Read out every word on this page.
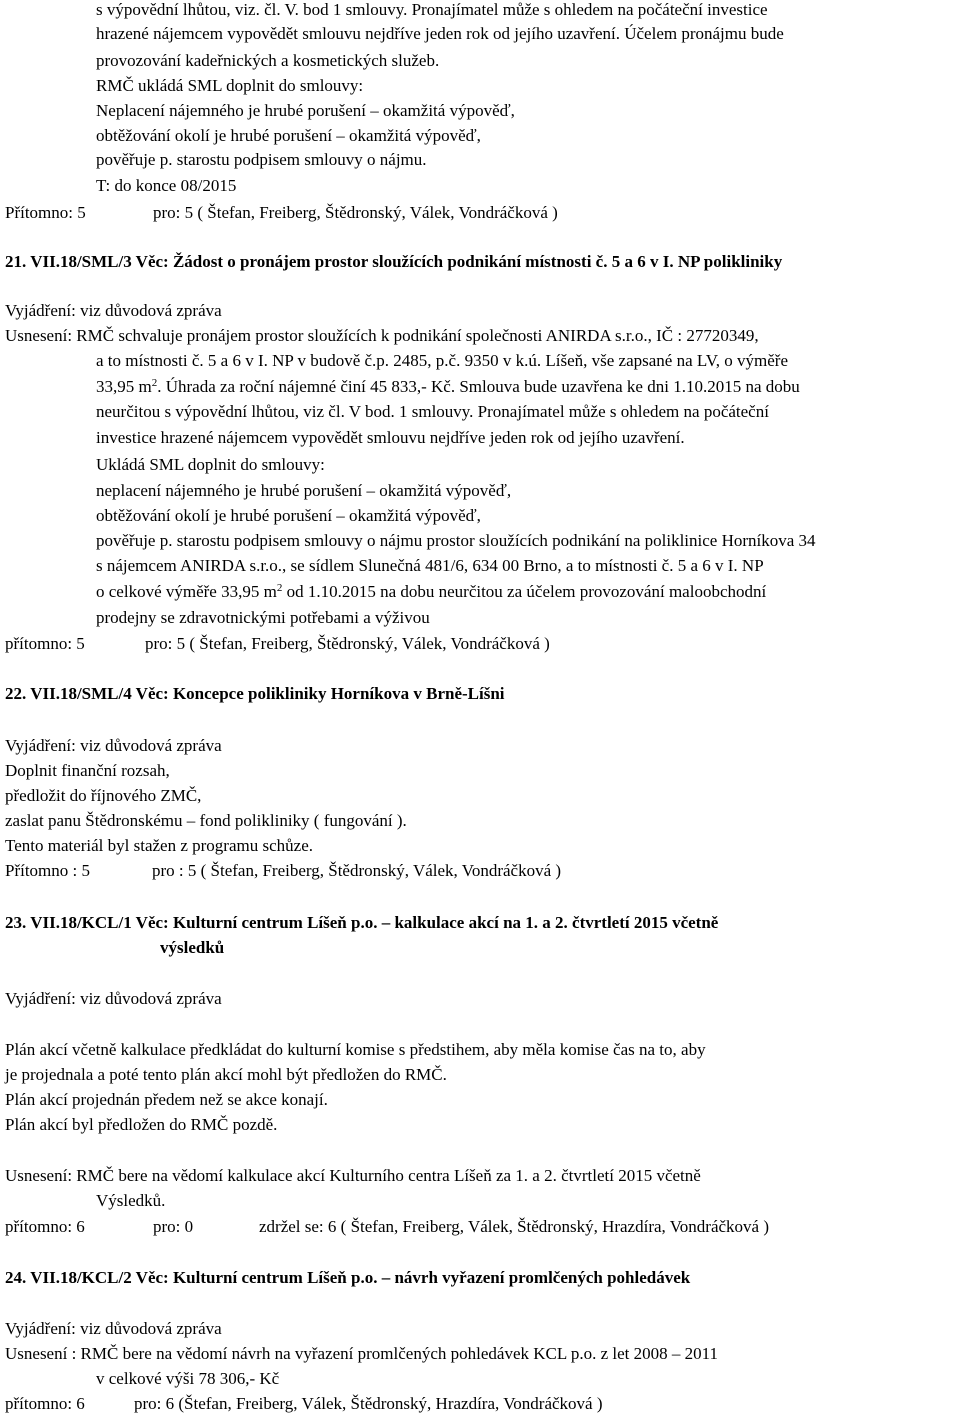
s výpovědní lhůtou, viz. čl. V. bod 1 smlouvy. Pronajímatel může s ohledem na počáteční investice
hrazené nájemcem vypovědět smlouvu nejdříve jeden rok od jejího uzavření. Účelem pronájmu bude
provozování kadeřnických a kosmetických služeb.
RMČ ukládá SML doplnit do smlouvy:
Neplacení nájemného je hrubé porušení – okamžitá výpověď,
obtěžování okolí je hrubé porušení – okamžitá výpověď,
pověřuje p. starostu podpisem smlouvy o nájmu.
T: do konce 08/2015
Přítomno: 5	pro: 5 ( Štefan, Freiberg, Štědronský, Válek, Vondráčková )
21. VII.18/SML/3 Věc: Žádost o pronájem prostor sloužících podnikání místnosti č. 5 a 6 v I. NP polikliniky
Vyjádření: viz důvodová zpráva
Usnesení: RMČ schvaluje pronájem prostor sloužících k podnikání společnosti ANIRDA s.r.o., IČ : 27720349,
a to místnosti č. 5 a 6 v I. NP v budově č.p. 2485, p.č. 9350 v k.ú. Líšeň, vše zapsané na LV, o výměře
33,95 $m^2$. Úhrada za roční nájemné činí 45 833,- Kč. Smlouva bude uzavřena ke dni 1.10.2015 na dobu
neurčitou s výpovědní lhůtou, viz čl. V bod. 1 smlouvy. Pronajímatel může s ohledem na počáteční
investice hrazené nájemcem vypovědět smlouvu nejdříve jeden rok od jejího uzavření.
Ukládá SML doplnit do smlouvy:
neplacení nájemného je hrubé porušení – okamžitá výpověď,
obtěžování okolí je hrubé porušení – okamžitá výpověď,
pověřuje p. starostu podpisem smlouvy o nájmu prostor sloužících podnikání na poliklinice Horníkova 34
s nájemcem ANIRDA s.r.o., se sídlem Slunečná 481/6, 634 00 Brno, a to místnosti č. 5 a 6 v I. NP
o celkové výměře 33,95 $m^2$ od 1.10.2015 na dobu neurčitou za účelem provozování maloobchodní
prodejny se zdravotnickými potřebami a výživou
přítomno: 5	pro: 5 ( Štefan, Freiberg, Štědronský, Válek, Vondráčková )
22. VII.18/SML/4 Věc: Koncepce polikliniky Horníkova v Brně-Líšni
Vyjádření: viz důvodová zpráva
Doplnit finanční rozsah,
předložit do říjnového ZMČ,
zaslat panu Štědronskému – fond polikliniky ( fungování ).
Tento materiál byl stažen z programu schůze.
Přítomno : 5	pro : 5 ( Štefan, Freiberg, Štědronský, Válek, Vondráčková )
23. VII.18/KCL/1 Věc: Kulturní centrum Líšeň p.o. – kalkulace akcí na 1. a 2. čtvrtletí 2015 včetně
výsledků
Vyjádření: viz důvodová zpráva
Plán akcí včetně kalkulace předkládat do kulturní komise s předstihem, aby měla komise čas na to, aby
je projednala a poté tento plán akcí mohl být předložen do RMČ.
Plán akcí projednán předem než se akce konají.
Plán akcí byl předložen do RMČ pozdě.
Usnesení: RMČ bere na vědomí kalkulace akcí Kulturního centra Líšeň za 1. a 2. čtvrtletí 2015 včetně
Výsledků.
přítomno: 6	pro: 0	zdržel se: 6 ( Štefan, Freiberg, Válek, Štědronský, Hrazdíra, Vondráčková )
24. VII.18/KCL/2 Věc: Kulturní centrum Líšeň p.o. – návrh vyřazení promlčených pohledávek
Vyjádření: viz důvodová zpráva
Usnesení : RMČ bere na vědomí návrh na vyřazení promlčených pohledávek KCL p.o. z let 2008 – 2011
v celkové výši 78 306,- Kč
přítomno: 6	pro: 6 (Štefan, Freiberg, Válek, Štědronský, Hrazdíra, Vondráčková )
